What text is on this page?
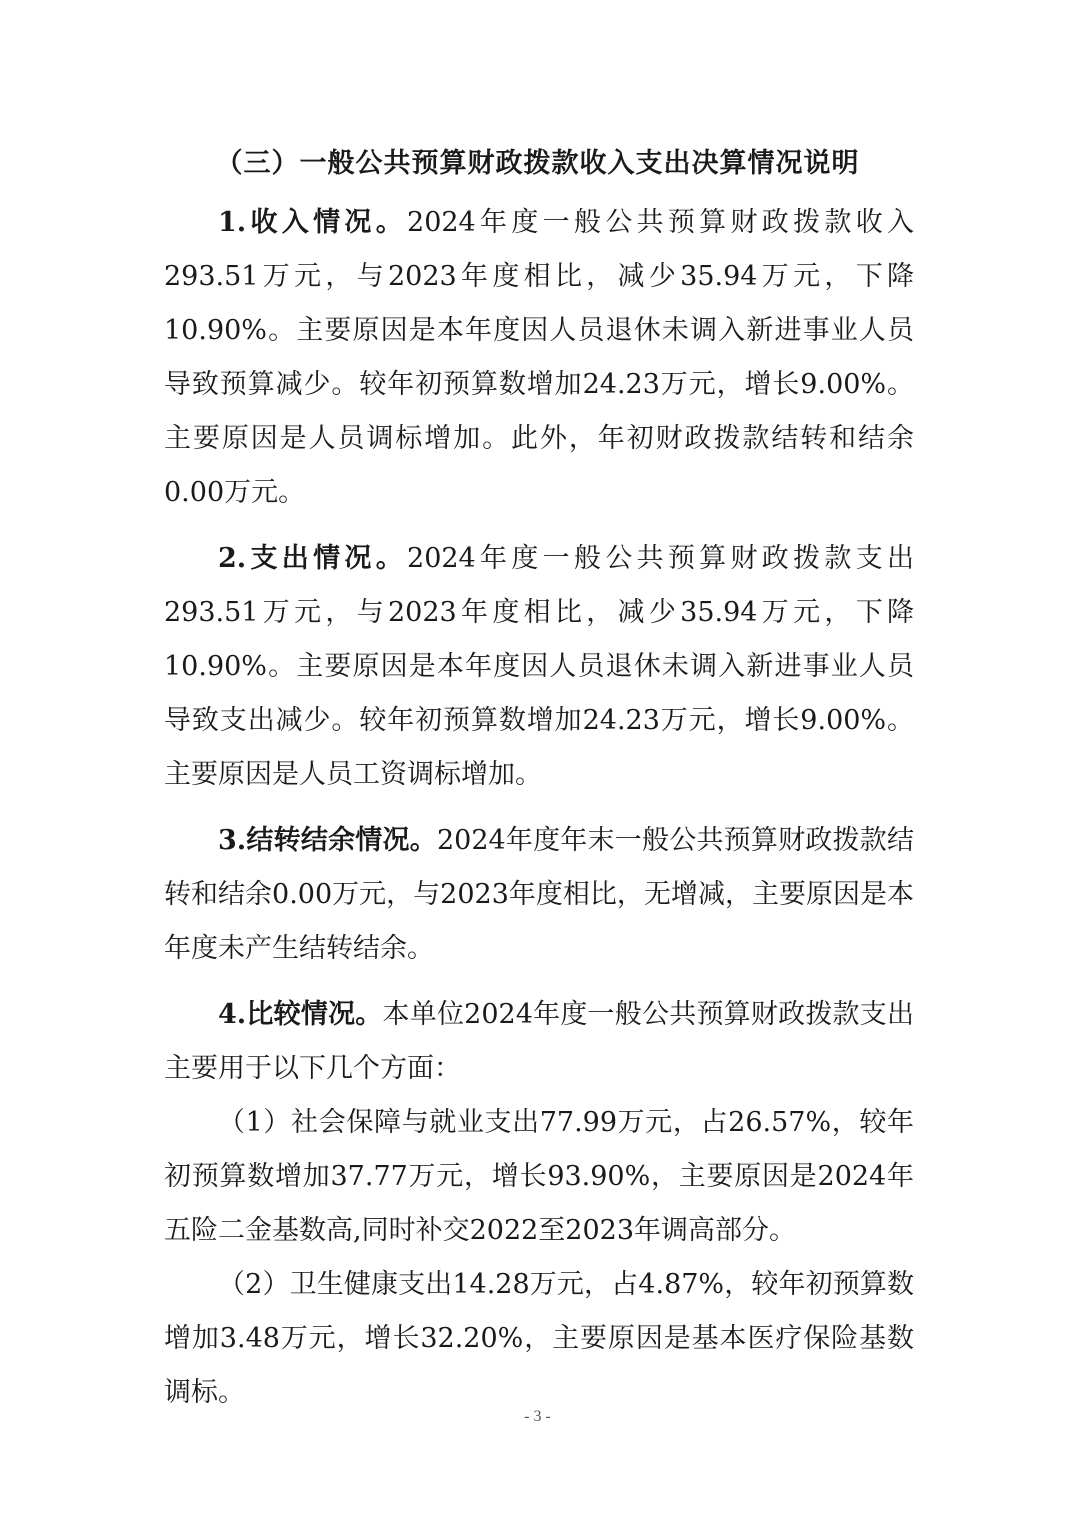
（三）一般公共预算财政拨款收入支出决算情况说明

1.收入情况。2024年度一般公共预算财政拨款收入293.51万元，与2023年度相比，减少35.94万元，下降10.90%。主要原因是本年度因人员退休未调入新进事业人员导致预算减少。较年初预算数增加24.23万元，增长9.00%。主要原因是人员调标增加。此外，年初财政拨款结转和结余0.00万元。

2.支出情况。2024年度一般公共预算财政拨款支出293.51万元，与2023年度相比，减少35.94万元，下降10.90%。主要原因是本年度因人员退休未调入新进事业人员导致支出减少。较年初预算数增加24.23万元，增长9.00%。主要原因是人员工资调标增加。

3.结转结余情况。2024年度年末一般公共预算财政拨款结转和结余0.00万元，与2023年度相比，无增减，主要原因是本年度未产生结转结余。

4.比较情况。本单位2024年度一般公共预算财政拨款支出主要用于以下几个方面：

（1）社会保障与就业支出77.99万元，占26.57%，较年初预算数增加37.77万元，增长93.90%，主要原因是2024年五险二金基数高,同时补交2022至2023年调高部分。

（2）卫生健康支出14.28万元，占4.87%，较年初预算数增加3.48万元，增长32.20%，主要原因是基本医疗保险基数调标。

- 3 -
